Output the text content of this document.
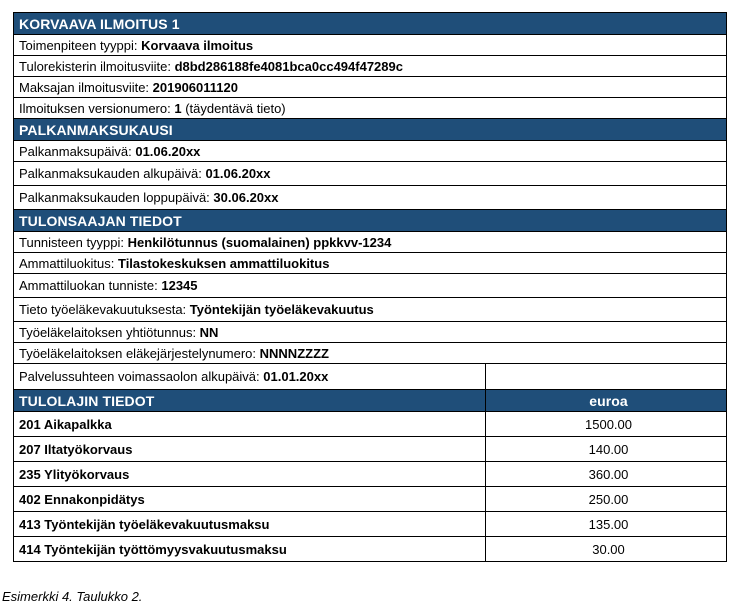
KORVAAVA ILMOITUS 1	
Toimenpiteen tyyppi: Korvaava ilmoitus	
Tulorekisterin ilmoitusviite: d8bd286188fe4081bca0cc494f47289c	
Maksajan ilmoitusviite: 201906011120	
Ilmoituksen versionumero: 1 (täydentävä tieto)	
PALKANMAKSUKAUSI	
Palkanmaksupäivä: 01.06.20xx	
Palkanmaksukauden alkupäivä: 01.06.20xx	
Palkanmaksukauden loppupäivä: 30.06.20xx	
TULONSAAJAN TIEDOT	
Tunnisteen tyyppi: Henkilötunnus (suomalainen) ppkkvv-1234	
Ammattiluokitus: Tilastokeskuksen ammattiluokitus	
Ammattiluokan tunniste: 12345	
Tieto työeläkevakuutuksesta: Työntekijän työeläkevakuutus	
Työeläkelaitoksen yhtiötunnus: NN	
Työeläkelaitoksen eläkejärjestelynumero: NNNNZZZZ	
Palvelussuhteen voimassaolon alkupäivä: 01.01.20xx	
TULOLAJIN TIEDOT	euroa
201 Aikapalkka	1500.00
207 Iltatyökorvaus	140.00
235 Ylityökorvaus	360.00
402 Ennakonpidätys	250.00
413 Työntekijän työeläkevakuutusmaksu	135.00
414 Työntekijän työttömyysvakuutusmaksu	30.00
Esimerkki 4. Taulukko 2.
